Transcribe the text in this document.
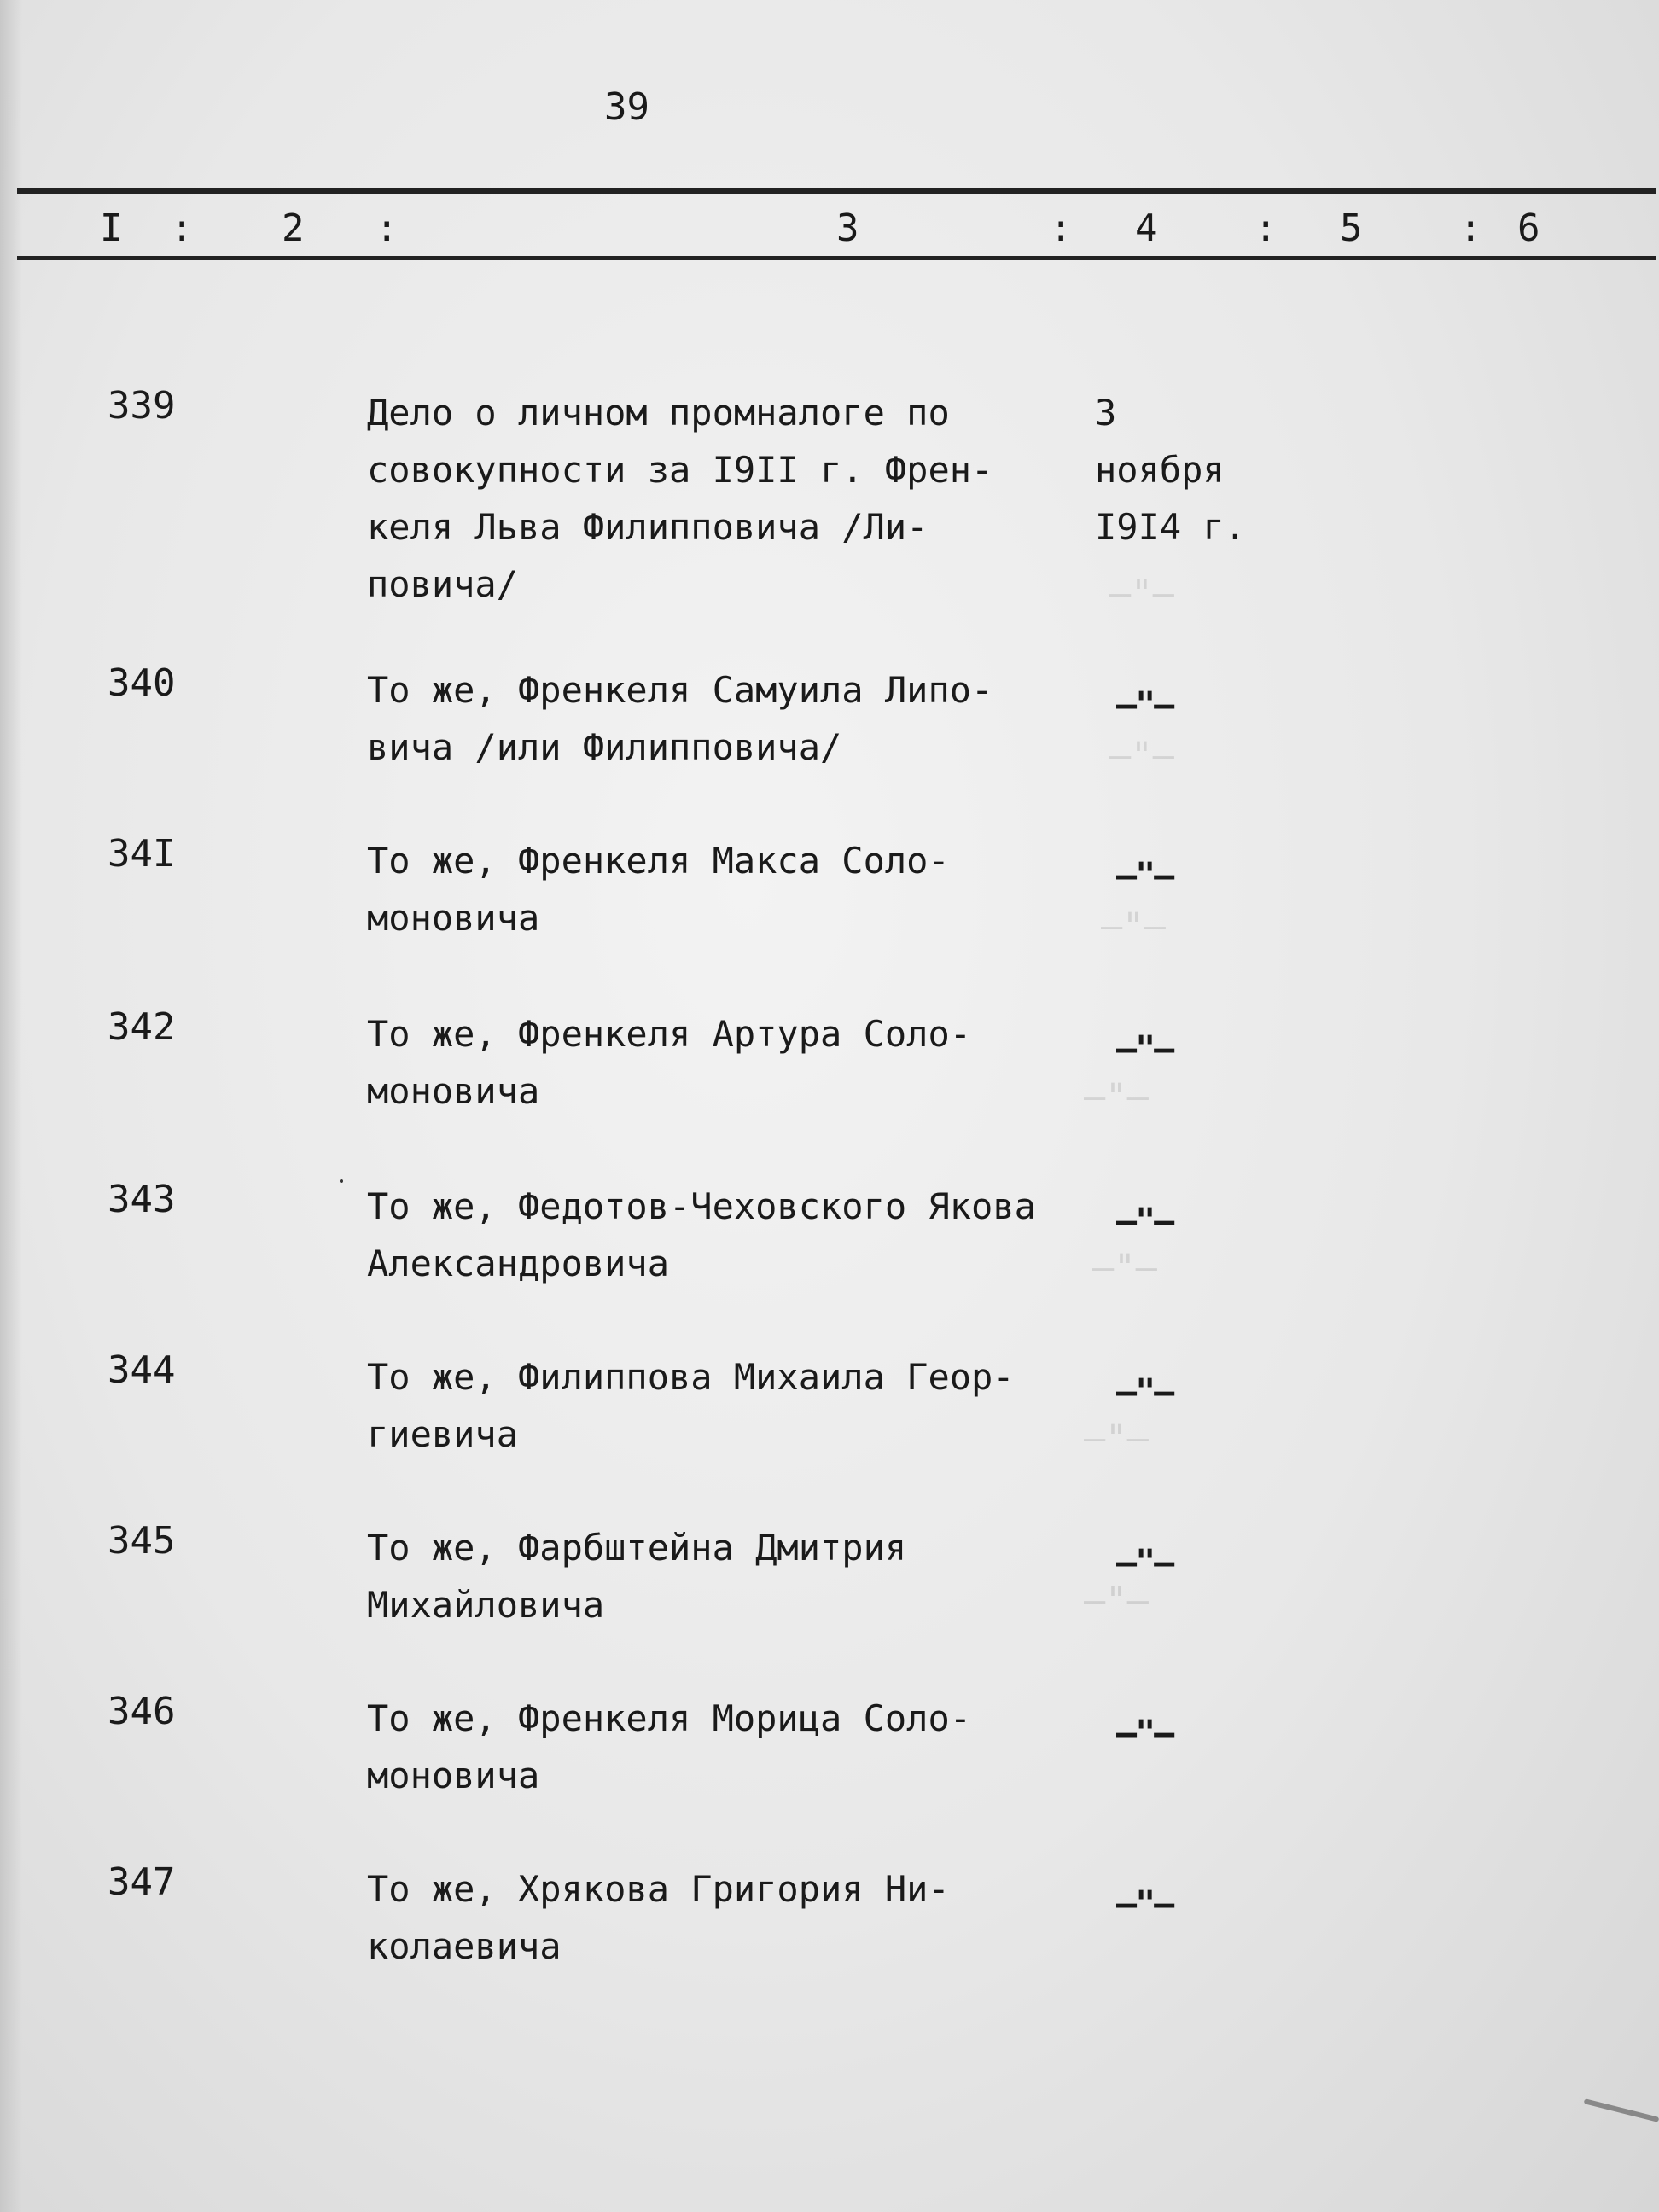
—"—
—"—
—"—
—"—
—"—
—"—
—"—
39
I : 2 :	3	: 4	: 5	: 6
339	Дело о личном промналоге по
совокупности за I9II г. Френ-
келя Льва Филипповича /Ли-
повича/
3
ноября
I9I4 г.
340	То же, Френкеля Самуила Липо-
вича /или Филипповича/
–"–
34I	То же, Френкеля Макса Соло-
моновича
–"–
342	То же, Френкеля Артура Соло-
моновича
–"–
343	То же, Федотов-Чеховского Якова
Александровича
–"–
344	То же, Филиппова Михаила Геор-
гиевича
–"–
345	То же, Фарбштейна Дмитрия
Михайловича
–"–
346	То же, Френкеля Морица Соло-
моновича
–"–
347	То же, Хрякова Григория Ни-
колаевича
–"–
